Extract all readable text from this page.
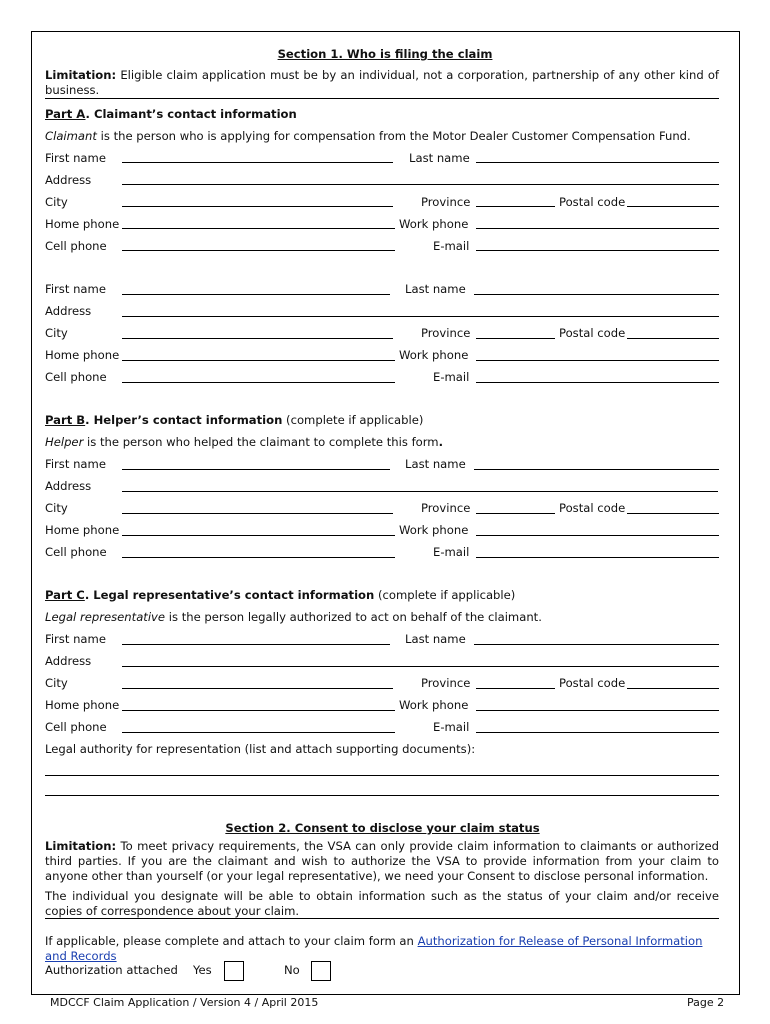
Section 1. Who is filing the claim
Limitation: Eligible claim application must be by an individual, not a corporation, partnership of any other kind of business.
Part A. Claimant’s contact information
Claimant is the person who is applying for compensation from the Motor Dealer Customer Compensation Fund.
First name	Last name
Address
City	Province	Postal code
Home phone	Work phone
Cell phone	E-mail
First name	Last name
Address
City	Province	Postal code
Home phone	Work phone
Cell phone	E-mail
Part B. Helper’s contact information (complete if applicable)
Helper is the person who helped the claimant to complete this form.
First name	Last name
Address
City	Province	Postal code
Home phone	Work phone
Cell phone	E-mail
Part C. Legal representative’s contact information (complete if applicable)
Legal representative is the person legally authorized to act on behalf of the claimant.
First name	Last name
Address
City	Province	Postal code
Home phone	Work phone
Cell phone	E-mail
Legal authority for representation (list and attach supporting documents):
Section 2. Consent to disclose your claim status
Limitation: To meet privacy requirements, the VSA can only provide claim information to claimants or authorized third parties. If you are the claimant and wish to authorize the VSA to provide information from your claim to anyone other than yourself (or your legal representative), we need your Consent to disclose personal information.
The individual you designate will be able to obtain information such as the status of your claim and/or receive copies of correspondence about your claim.
If applicable, please complete and attach to your claim form an Authorization for Release of Personal Information and Records
Authorization attached Yes	No
MDCCF Claim Application / Version 4 / April 2015	Page 2
